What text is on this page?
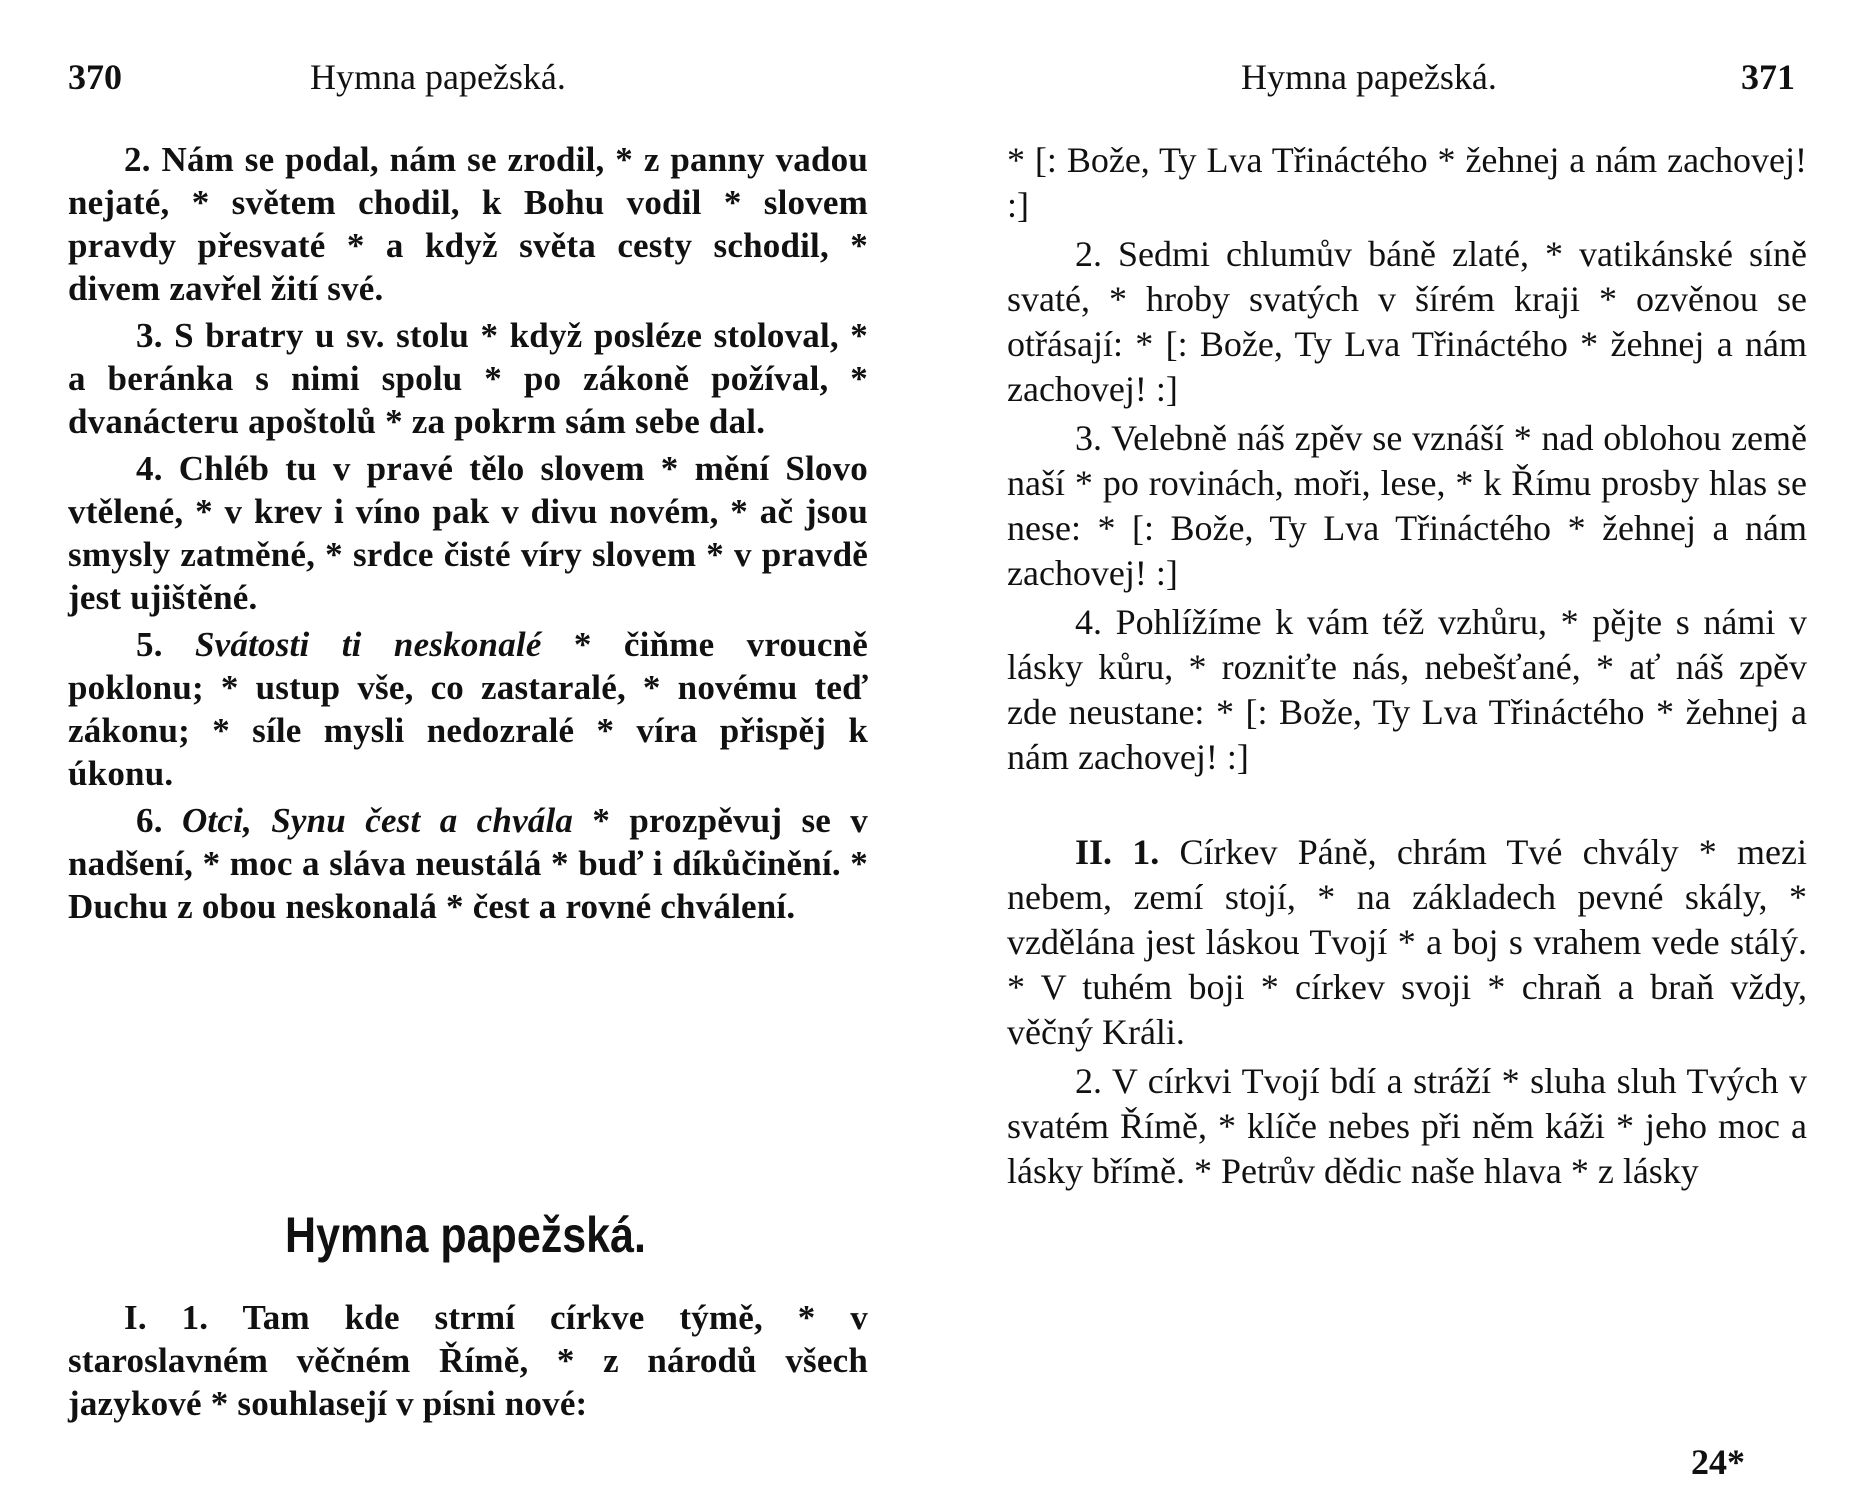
370	Hymna papežská.

2. Nám se podal, nám se zrodil, * z panny vadou nejaté, * světem chodil, k Bohu vodil * slovem pravdy přesvaté * a když světa cesty schodil, * divem zavřel žití své.

3. S bratry u sv. stolu * když posléze stoloval, * a beránka s nimi spolu * po zákoně požíval, * dvanácteru apoštolů * za pokrm sám sebe dal.

4. Chléb tu v pravé tělo slovem * mění Slovo vtělené, * v krev i víno pak v divu novém, * ač jsou smysly zatměné, * srdce čisté víry slovem * v pravdě jest ujištěné.

5. Svátosti ti neskonalé * čiňme vroucně poklonu; * ustup vše, co zastaralé, * novému teď zákonu; * síle mysli nedozralé * víra přispěj k úkonu.

6. Otci, Synu čest a chvála * prozpěvuj se v nadšení, * moc a sláva neustálá * buď i díkůčinění. * Duchu z obou neskonalá * čest a rovné chválení.

Hymna papežská.

I. 1. Tam kde strmí církve týmě, * v staroslavném věčném Římě, * z národů všech jazykové * souhlasejí v písni nové:

Hymna papežská.	371

* [: Bože, Ty Lva Třináctého * žehnej a nám zachovej! :]

2. Sedmi chlumův báně zlaté, * vatikánské síně svaté, * hroby svatých v šírém kraji * ozvěnou se otřásají: * [: Bože, Ty Lva Třináctého * žehnej a nám zachovej! :]

3. Velebně náš zpěv se vznáší * nad oblohou země naší * po rovinách, moři, lese, * k Římu prosby hlas se nese: * [: Bože, Ty Lva Třináctého * žehnej a nám zachovej! :]

4. Pohlížíme k vám též vzhůru, * pějte s námi v lásky kůru, * rozniťte nás, nebešťané, * ať náš zpěv zde neustane: * [: Bože, Ty Lva Třináctého * žehnej a nám zachovej! :]

II. 1. Církev Páně, chrám Tvé chvály * mezi nebem, zemí stojí, * na základech pevné skály, * vzdělána jest láskou Tvojí * a boj s vrahem vede stálý. * V tuhém boji * církev svoji * chraň a braň vždy, věčný Králi.

2. V církvi Tvojí bdí a stráží * sluha sluh Tvých v svatém Římě, * klíče nebes při něm káži * jeho moc a lásky břímě. * Petrův dědic naše hlava * z lásky

24*
